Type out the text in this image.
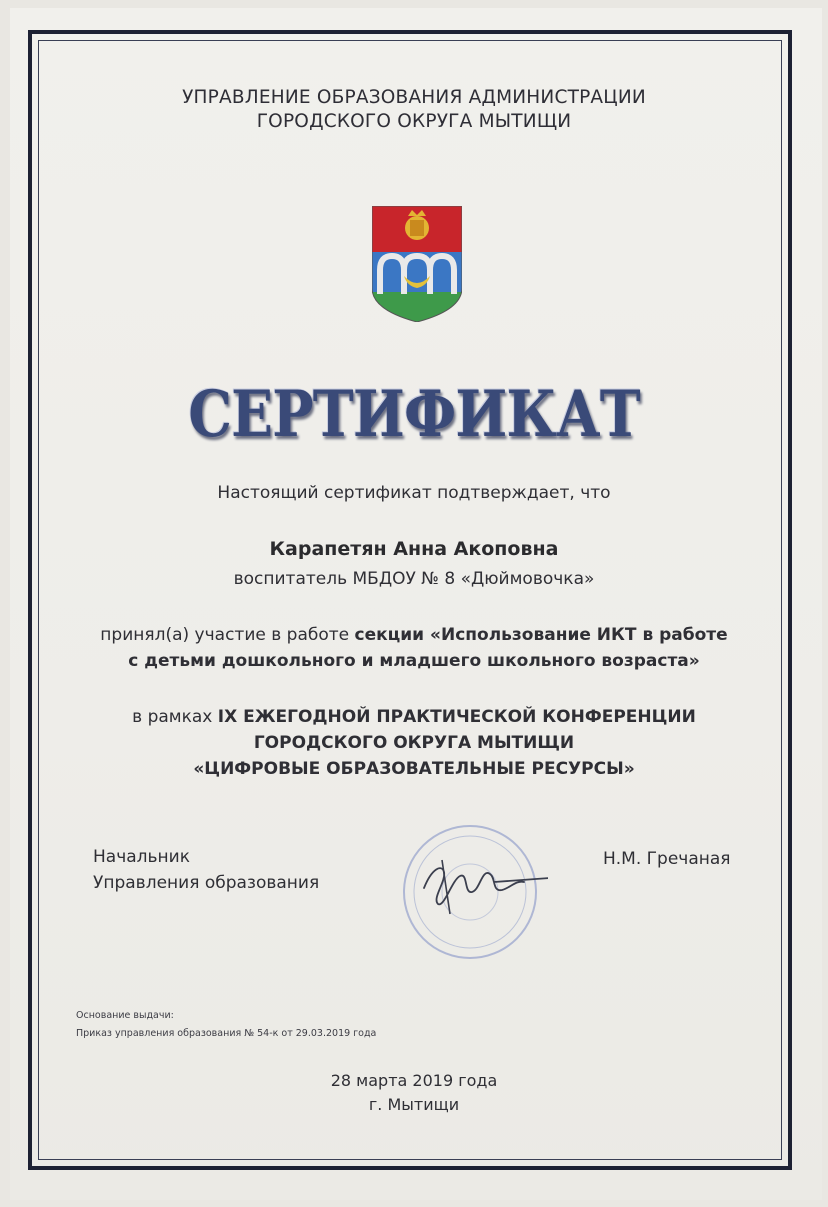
УПРАВЛЕНИЕ ОБРАЗОВАНИЯ АДМИНИСТРАЦИИ
ГОРОДСКОГО ОКРУГА МЫТИЩИ
СЕРТИФИКАТ
Настоящий сертификат подтверждает, что
Карапетян Анна Акоповна
воспитатель МБДОУ № 8 «Дюймовочка»
принял(а) участие в работе секции «Использование ИКТ в работе
с детьми дошкольного и младшего школьного возраста»
в рамках IX ЕЖЕГОДНОЙ ПРАКТИЧЕСКОЙ КОНФЕРЕНЦИИ
ГОРОДСКОГО ОКРУГА МЫТИЩИ
«ЦИФРОВЫЕ ОБРАЗОВАТЕЛЬНЫЕ РЕСУРСЫ»
Начальник
Управления образования
Н.М. Гречаная
Основание выдачи:
Приказ управления образования № 54-к от 29.03.2019 года
28 марта 2019 года
г. Мытищи
